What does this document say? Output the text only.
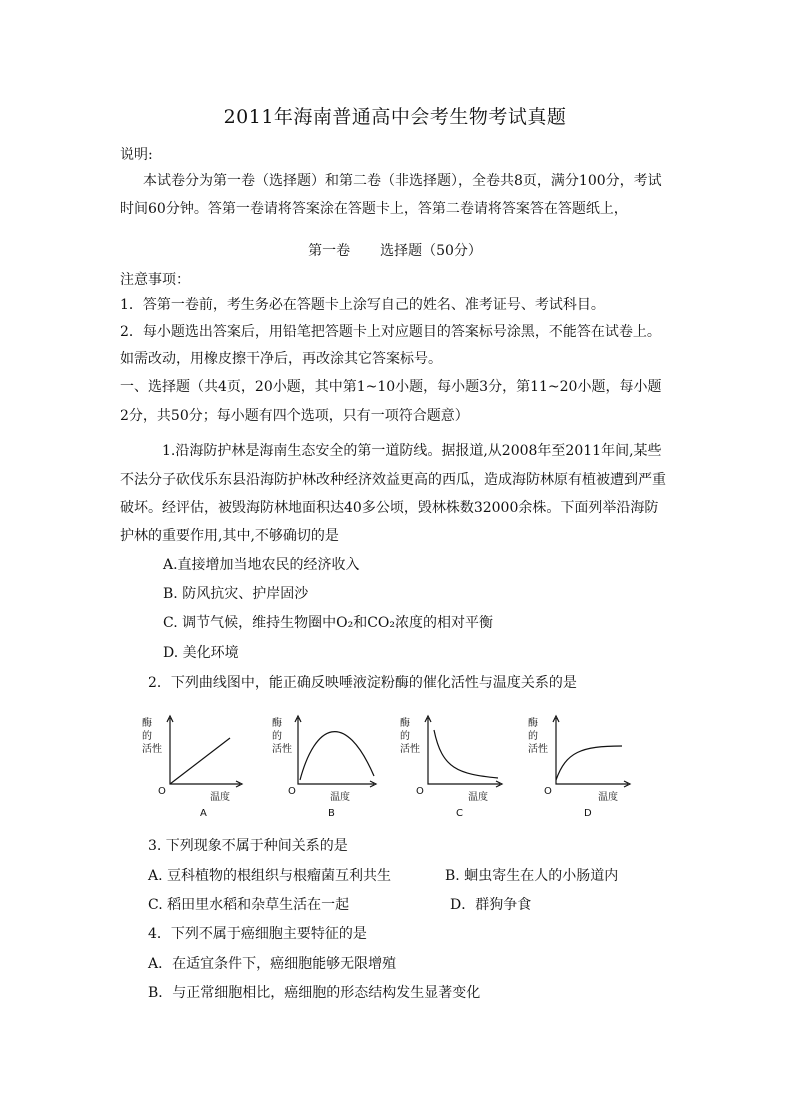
2011年海南普通高中会考生物考试真题
说明:
本试卷分为第一卷（选择题）和第二卷（非选择题），全卷共8页，满分100分，考试
时间60分钟。答第一卷请将答案涂在答题卡上，答第二卷请将答案答在答题纸上，
第一卷 选择题（50分）
注意事项：
1．答第一卷前，考生务必在答题卡上涂写自己的姓名、准考证号、考试科目。
2．每小题选出答案后，用铅笔把答题卡上对应题目的答案标号涂黑，不能答在试卷上。
如需改动，用橡皮擦干净后，再改涂其它答案标号。
一、选择题（共4页，20小题，其中第1~10小题，每小题3分，第11~20小题，每小题
2分，共50分；每小题有四个选项，只有一项符合题意）
1.沿海防护林是海南生态安全的第一道防线。据报道,从2008年至2011年间,某些
不法分子砍伐乐东县沿海防护林改种经济效益更高的西瓜，造成海防林原有植被遭到严重
破坏。经评估，被毁海防林地面积达40多公顷，毁林株数32000余株。下面列举沿海防
护林的重要作用,其中,不够确切的是
A.直接增加当地农民的经济收入
B. 防风抗灾、护岸固沙
C. 调节气候，维持生物圈中O₂和CO₂浓度的相对平衡
D. 美化环境
2．下列曲线图中，能正确反映唾液淀粉酶的催化活性与温度关系的是
酶
的
活性
O
温度
A
酶
的
活性
O
温度
B
酶
的
活性
O
温度
C
酶
的
活性
O
温度
D
3. 下列现象不属于种间关系的是
A. 豆科植物的根组织与根瘤菌互利共生	B. 蛔虫寄生在人的小肠道内
C. 稻田里水稻和杂草生活在一起	D．群狗争食
4．下列不属于癌细胞主要特征的是
A．在适宜条件下，癌细胞能够无限增殖
B．与正常细胞相比，癌细胞的形态结构发生显著变化
